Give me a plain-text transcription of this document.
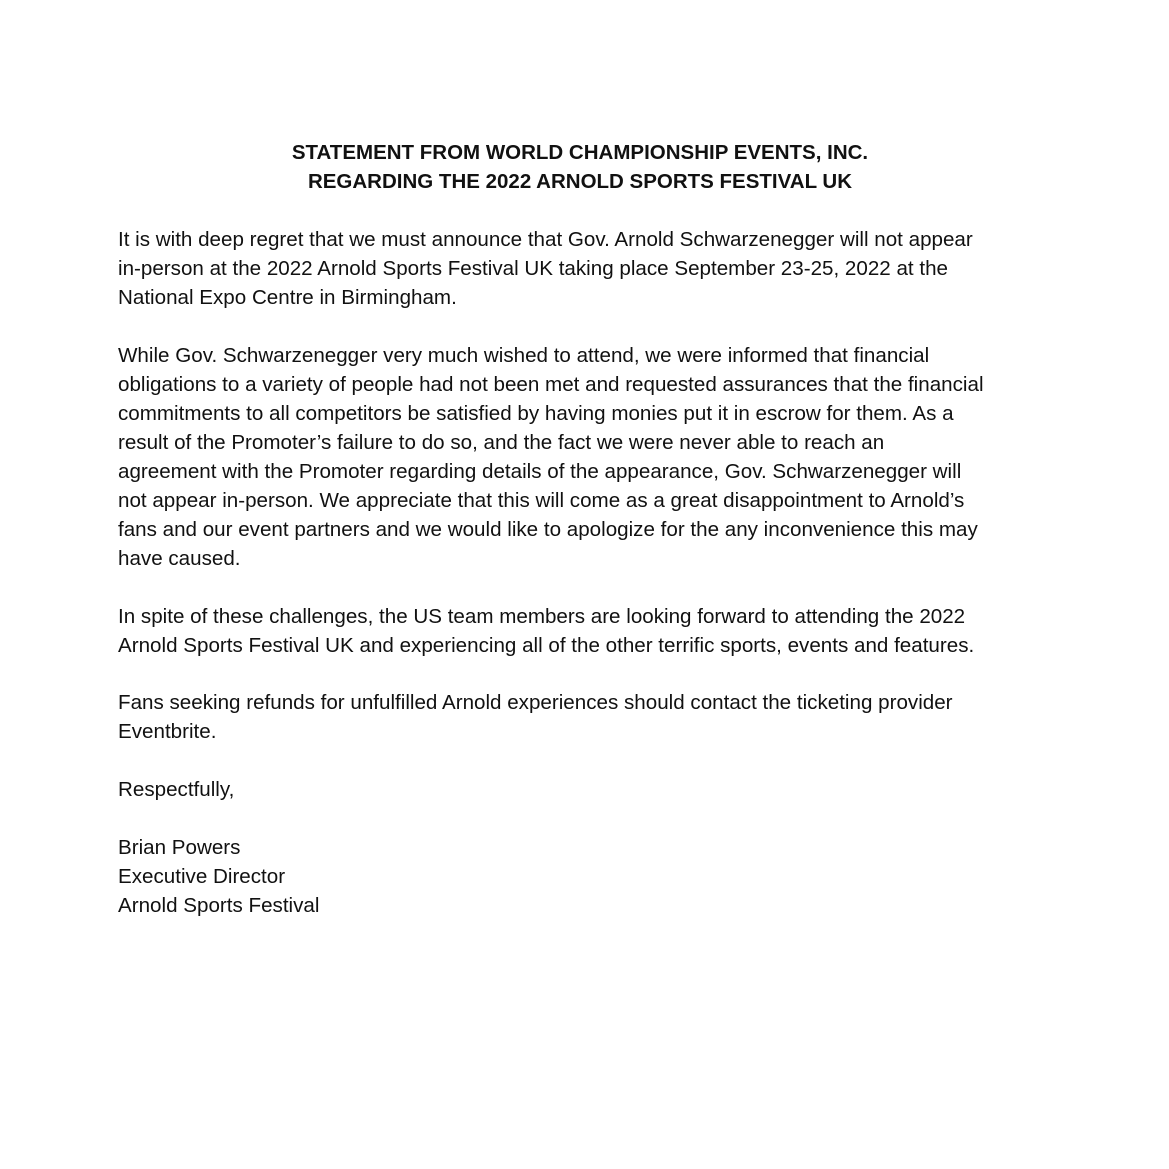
STATEMENT FROM WORLD CHAMPIONSHIP EVENTS, INC.
REGARDING THE 2022 ARNOLD SPORTS FESTIVAL UK
It is with deep regret that we must announce that Gov. Arnold Schwarzenegger will not appear
in-person at the 2022 Arnold Sports Festival UK taking place September 23-25, 2022 at the
National Expo Centre in Birmingham.
While Gov. Schwarzenegger very much wished to attend, we were informed that financial
obligations to a variety of people had not been met and requested assurances that the financial
commitments to all competitors be satisfied by having monies put it in escrow for them. As a
result of the Promoter’s failure to do so, and the fact we were never able to reach an
agreement with the Promoter regarding details of the appearance, Gov. Schwarzenegger will
not appear in-person. We appreciate that this will come as a great disappointment to Arnold’s
fans and our event partners and we would like to apologize for the any inconvenience this may
have caused.
In spite of these challenges, the US team members are looking forward to attending the 2022
Arnold Sports Festival UK and experiencing all of the other terrific sports, events and features.
Fans seeking refunds for unfulfilled Arnold experiences should contact the ticketing provider
Eventbrite.
Respectfully,
Brian Powers
Executive Director
Arnold Sports Festival
